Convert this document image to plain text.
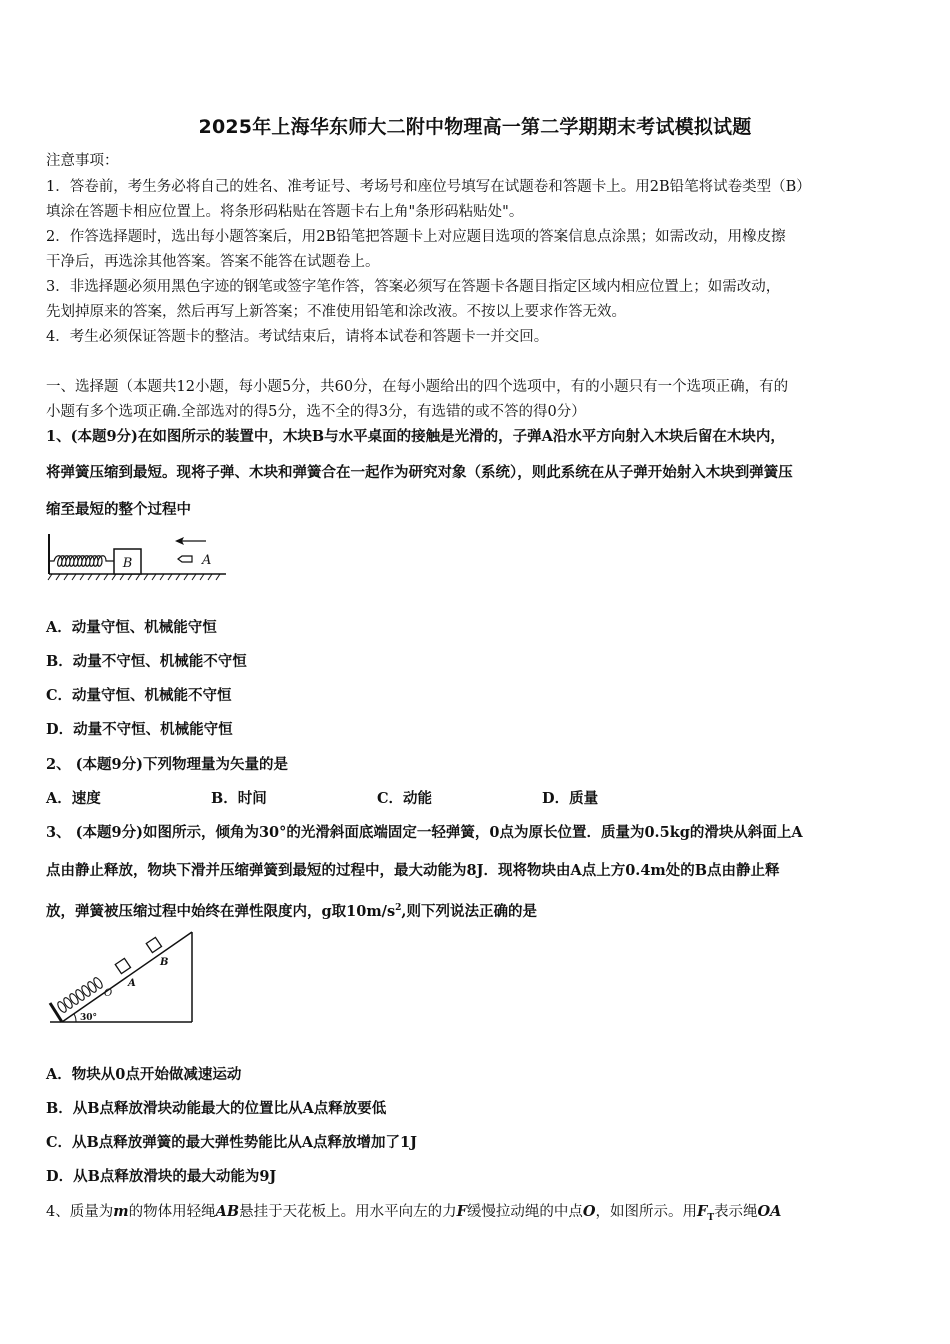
2025年上海华东师大二附中物理高一第二学期期末考试模拟试题
注意事项：
1．答卷前，考生务必将自己的姓名、准考证号、考场号和座位号填写在试题卷和答题卡上。用2B铅笔将试卷类型（B）
填涂在答题卡相应位置上。将条形码粘贴在答题卡右上角"条形码粘贴处"。
2．作答选择题时，选出每小题答案后，用2B铅笔把答题卡上对应题目选项的答案信息点涂黑；如需改动，用橡皮擦
干净后，再选涂其他答案。答案不能答在试题卷上。
3．非选择题必须用黑色字迹的钢笔或签字笔作答，答案必须写在答题卡各题目指定区域内相应位置上；如需改动，
先划掉原来的答案，然后再写上新答案；不准使用铅笔和涂改液。不按以上要求作答无效。
4．考生必须保证答题卡的整洁。考试结束后，请将本试卷和答题卡一并交回。
一、选择题（本题共12小题，每小题5分，共60分，在每小题给出的四个选项中，有的小题只有一个选项正确，有的
小题有多个选项正确.全部选对的得5分，选不全的得3分，有选错的或不答的得0分）
1、(本题9分)在如图所示的装置中，木块B与水平桌面的接触是光滑的，子弹A沿水平方向射入木块后留在木块内，
将弹簧压缩到最短。现将子弹、木块和弹簧合在一起作为研究对象（系统），则此系统在从子弹开始射入木块到弹簧压
缩至最短的整个过程中
B	A
A．动量守恒、机械能守恒
B．动量不守恒、机械能不守恒
C．动量守恒、机械能不守恒
D．动量不守恒、机械能守恒
2、 (本题9分)下列物理量为矢量的是
A．速度	B．时间	C．动能	D．质量
3、 (本题9分)如图所示，倾角为30°的光滑斜面底端固定一轻弹簧，0点为原长位置．质量为0.5kg的滑块从斜面上A
点由静止释放，物块下滑并压缩弹簧到最短的过程中，最大动能为8J．现将物块由A点上方0.4m处的B点由静止释
放，弹簧被压缩过程中始终在弹性限度内，g取$10m/s^2$,则下列说法正确的是
B
A
O
30°
A．物块从0点开始做减速运动
B．从B点释放滑块动能最大的位置比从A点释放要低
C．从B点释放弹簧的最大弹性势能比从A点释放增加了1J
D．从B点释放滑块的最大动能为9J
4、质量为m的物体用轻绳AB悬挂于天花板上。用水平向左的力F缓慢拉动绳的中点O，如图所示。用$F_T$表示绳OA
